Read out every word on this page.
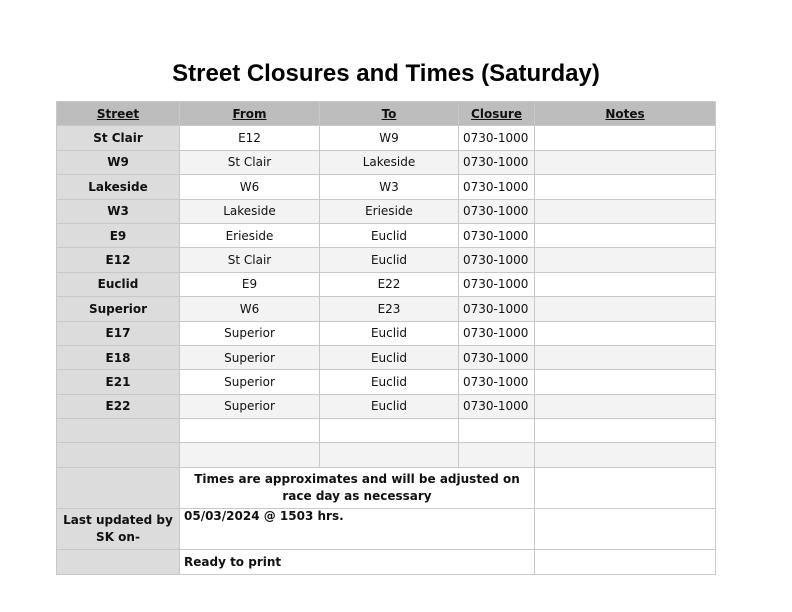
Street Closures and Times (Saturday)
Street	From	To	Closure	Notes
St Clair	E12	W9	0730-1000	
W9	St Clair	Lakeside	0730-1000	
Lakeside	W6	W3	0730-1000	
W3	Lakeside	Erieside	0730-1000	
E9	Erieside	Euclid	0730-1000	
E12	St Clair	Euclid	0730-1000	
Euclid	E9	E22	0730-1000	
Superior	W6	E23	0730-1000	
E17	Superior	Euclid	0730-1000	
E18	Superior	Euclid	0730-1000	
E21	Superior	Euclid	0730-1000	
E22	Superior	Euclid	0730-1000	

	Times are approximates and will be adjusted on race day as necessary			
Last updated by SK on-	05/03/2024 @ 1503 hrs.			
	Ready to print			
